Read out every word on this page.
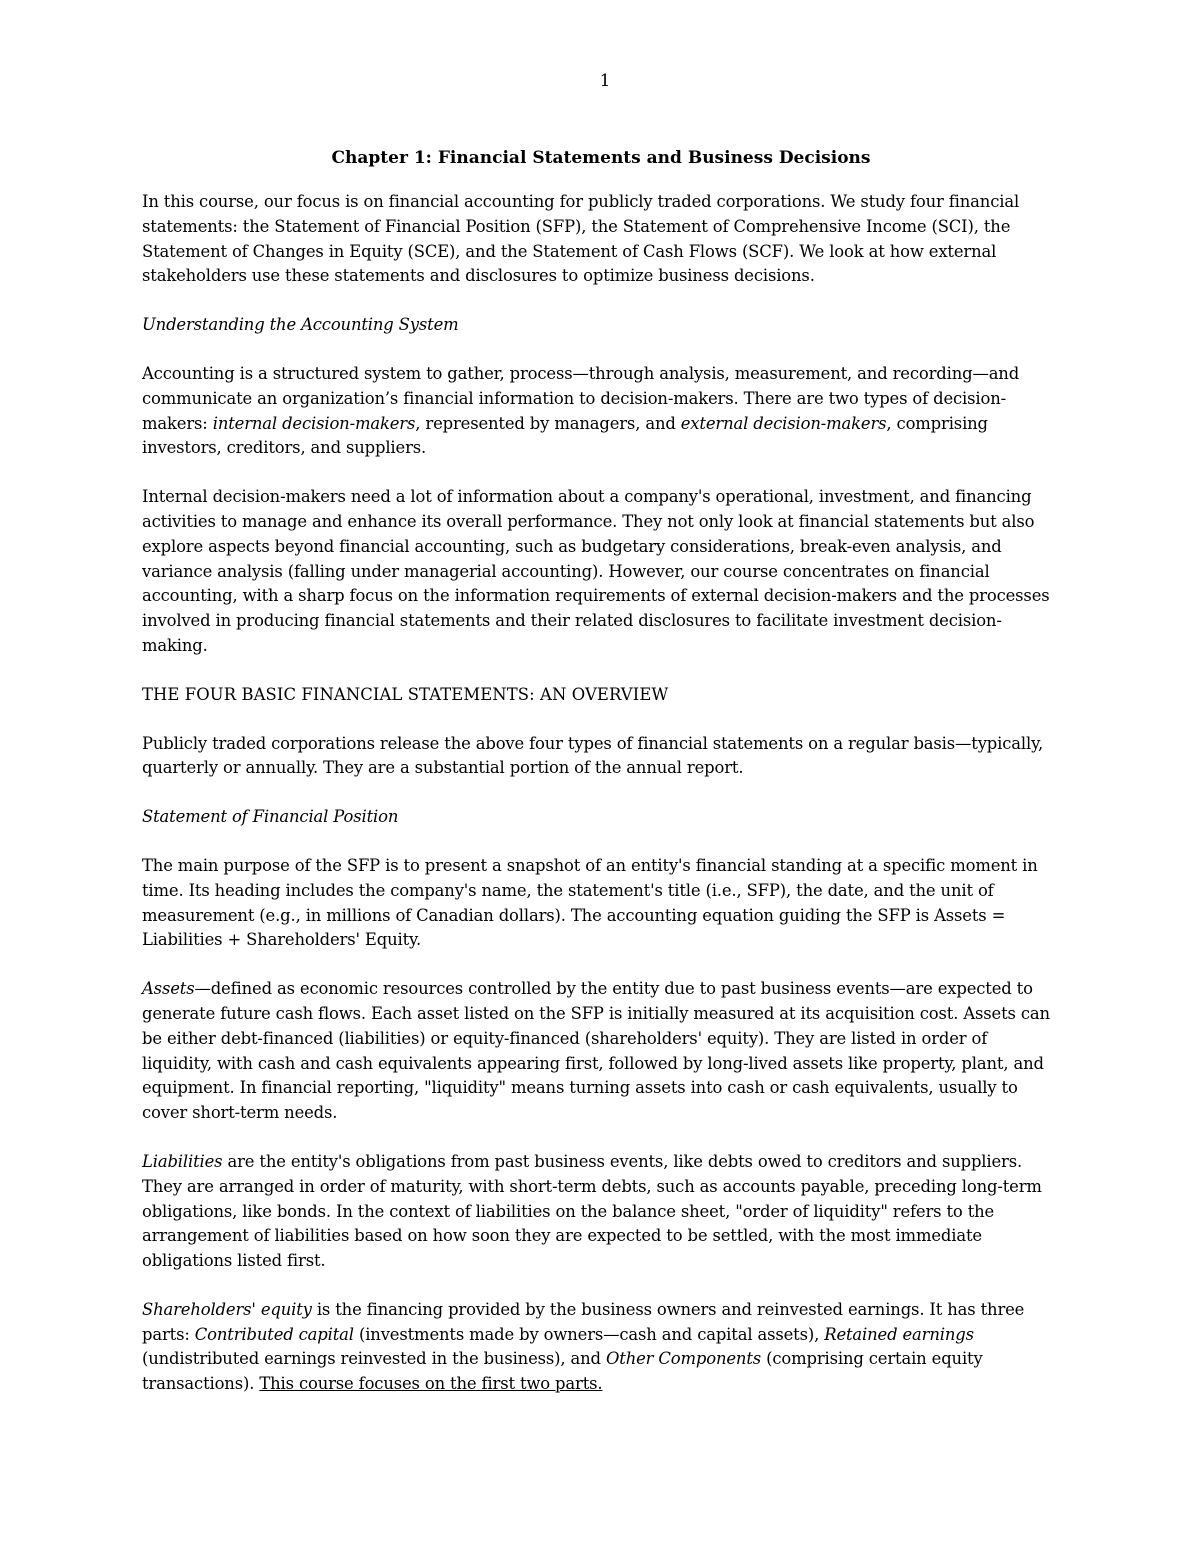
1
Chapter 1: Financial Statements and Business Decisions

In this course, our focus is on financial accounting for publicly traded corporations. We study four financial statements: the Statement of Financial Position (SFP), the Statement of Comprehensive Income (SCI), the Statement of Changes in Equity (SCE), and the Statement of Cash Flows (SCF). We look at how external stakeholders use these statements and disclosures to optimize business decisions.

Understanding the Accounting System

Accounting is a structured system to gather, process—through analysis, measurement, and recording—and communicate an organization’s financial information to decision-makers. There are two types of decision-makers: internal decision-makers, represented by managers, and external decision-makers, comprising investors, creditors, and suppliers.

Internal decision-makers need a lot of information about a company's operational, investment, and financing activities to manage and enhance its overall performance. They not only look at financial statements but also explore aspects beyond financial accounting, such as budgetary considerations, break-even analysis, and variance analysis (falling under managerial accounting). However, our course concentrates on financial accounting, with a sharp focus on the information requirements of external decision-makers and the processes involved in producing financial statements and their related disclosures to facilitate investment decision-making.

THE FOUR BASIC FINANCIAL STATEMENTS: AN OVERVIEW

Publicly traded corporations release the above four types of financial statements on a regular basis—typically, quarterly or annually. They are a substantial portion of the annual report.

Statement of Financial Position

The main purpose of the SFP is to present a snapshot of an entity's financial standing at a specific moment in time. Its heading includes the company's name, the statement's title (i.e., SFP), the date, and the unit of measurement (e.g., in millions of Canadian dollars). The accounting equation guiding the SFP is Assets = Liabilities + Shareholders' Equity.

Assets—defined as economic resources controlled by the entity due to past business events—are expected to generate future cash flows. Each asset listed on the SFP is initially measured at its acquisition cost. Assets can be either debt-financed (liabilities) or equity-financed (shareholders' equity). They are listed in order of liquidity, with cash and cash equivalents appearing first, followed by long-lived assets like property, plant, and equipment. In financial reporting, "liquidity" means turning assets into cash or cash equivalents, usually to cover short-term needs.

Liabilities are the entity's obligations from past business events, like debts owed to creditors and suppliers. They are arranged in order of maturity, with short-term debts, such as accounts payable, preceding long-term obligations, like bonds. In the context of liabilities on the balance sheet, "order of liquidity" refers to the arrangement of liabilities based on how soon they are expected to be settled, with the most immediate obligations listed first.

Shareholders' equity is the financing provided by the business owners and reinvested earnings. It has three parts: Contributed capital (investments made by owners—cash and capital assets), Retained earnings (undistributed earnings reinvested in the business), and Other Components (comprising certain equity transactions). This course focuses on the first two parts.
